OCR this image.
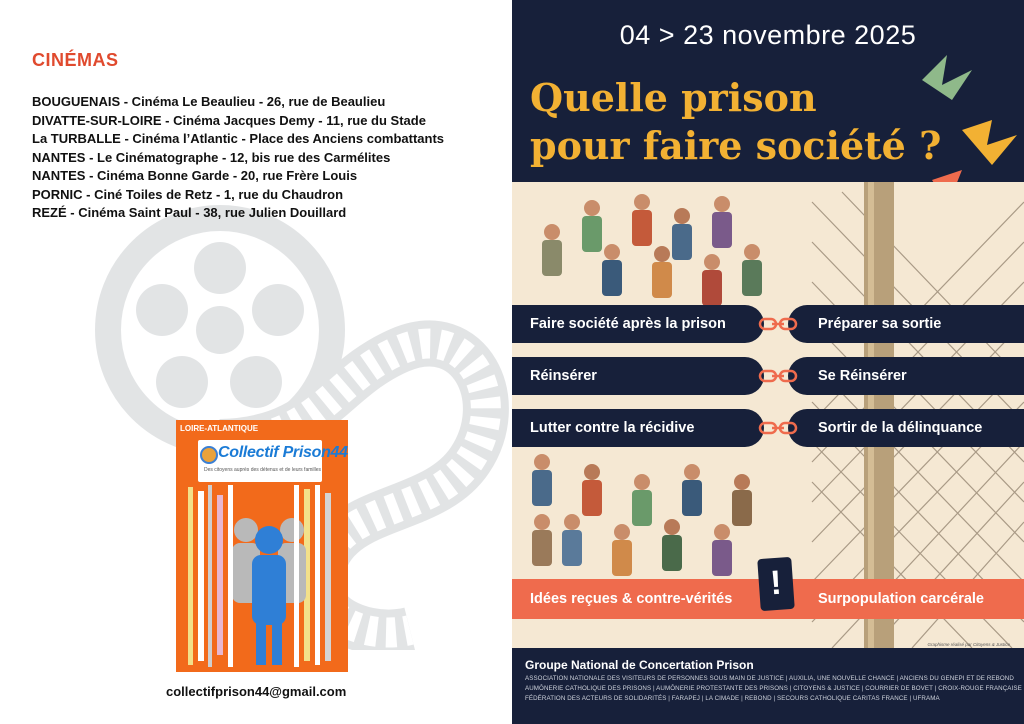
CINÉMAS
BOUGUENAIS - Cinéma Le Beaulieu - 26, rue de Beaulieu
DIVATTE-SUR-LOIRE - Cinéma Jacques Demy - 11, rue du Stade
La TURBALLE - Cinéma l’Atlantic - Place des Anciens combattants
NANTES - Le Cinématographe - 12, bis rue des Carmélites
NANTES - Cinéma Bonne Garde - 20, rue Frère Louis
PORNIC - Ciné Toiles de Retz - 1, rue du Chaudron
REZÉ - Cinéma Saint Paul - 38, rue Julien Douillard
LOIRE-ATLANTIQUE
Collectif Prison44
Des citoyens auprès des détenus et de leurs familles
collectifprison44@gmail.com
04 > 23 novembre 2025
Quelle prison
pour faire société ?
Faire société après la prison	Préparer sa sortie
Réinsérer	Se Réinsérer
Lutter contre la récidive	Sortir de la délinquance
Idées reçues & contre-vérités	Surpopulation carcérale
!
Graphisme réalisé par Citoyens & Justice
Groupe National de Concertation Prison
ASSOCIATION NATIONALE DES VISITEURS DE PERSONNES SOUS MAIN DE JUSTICE | AUXILIA, UNE NOUVELLE CHANCE | ANCIENS DU GENEPI ET DE REBOND
AUMÔNERIE CATHOLIQUE DES PRISONS | AUMÔNERIE PROTESTANTE DES PRISONS | CITOYENS & JUSTICE | COURRIER DE BOVET | CROIX-ROUGE FRANÇAISE
FÉDÉRATION DES ACTEURS DE SOLIDARITÉS | FARAPEJ | LA CIMADE | REBOND | SECOURS CATHOLIQUE CARITAS FRANCE | UFRAMA
